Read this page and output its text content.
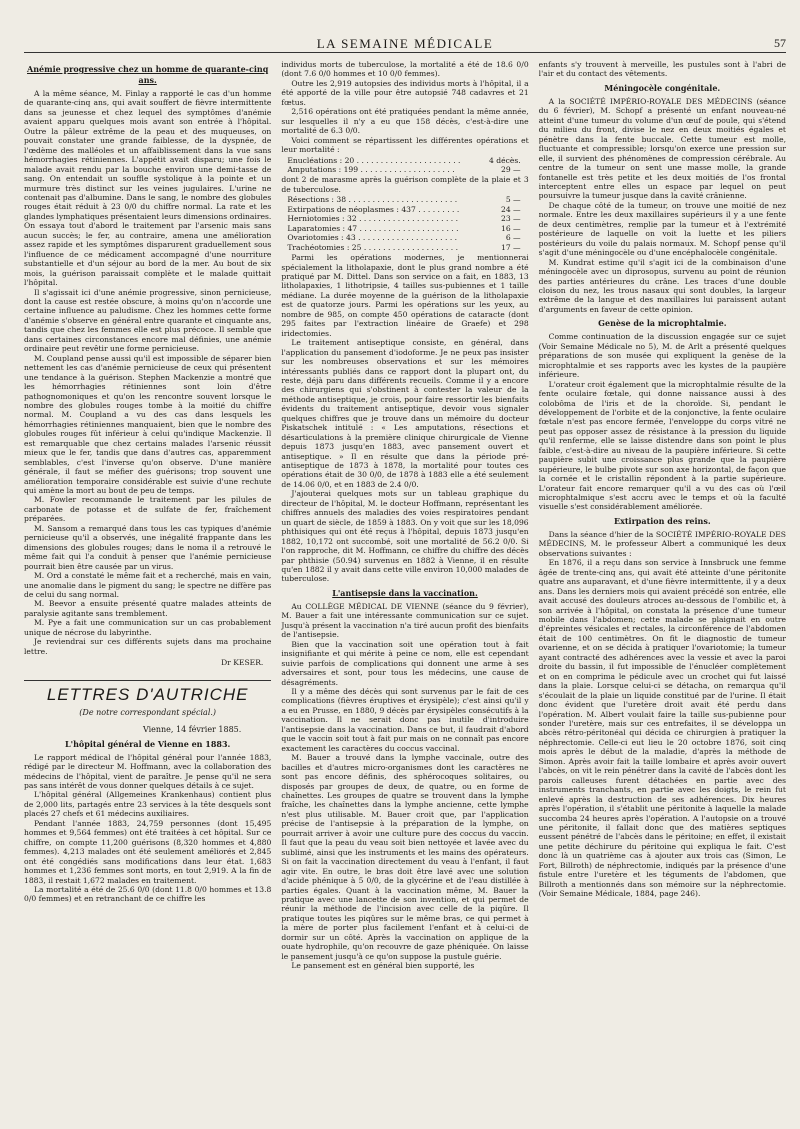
LA SEMAINE MÉDICALE	57
Anémie progressive chez un homme de quarante-cinq ans.

A la même séance, M. Finlay a rapporté le cas d'un homme de quarante-cinq ans, qui avait souffert de fièvre intermittente dans sa jeunesse et chez lequel des symptômes d'anémie avaient apparu quelques mois avant son entrée à l'hôpital. Outre la pâleur extrême de la peau et des muqueuses, on pouvait constater une grande faiblesse, de la dyspnée, de l'œdème des malléoles et un affaiblissement dans la vue sans hémorrhagies rétiniennes. L'appétit avait disparu; une fois le malade avait rendu par la bouche environ une demi-tasse de sang. On entendait un souffle systolique à la pointe et un murmure très distinct sur les veines jugulaires. L'urine ne contenait pas d'albumine. Dans le sang, le nombre des globules rouges était réduit à 23 0/0 du chiffre normal. La rate et les glandes lymphatiques présentaient leurs dimensions ordinaires. On essaya tout d'abord le traitement par l'arsenic mais sans aucun succès; le fer, au contraire, amena une amélioration assez rapide et les symptômes disparurent graduellement sous l'influence de ce médicament accompagné d'une nourriture substantielle et d'un séjour au bord de la mer. Au bout de six mois, la guérison paraissait complète et le malade quittait l'hôpital.

Il s'agissait ici d'une anémie progressive, sinon pernicieuse, dont la cause est restée obscure, à moins qu'on n'accorde une certaine influence au paludisme. Chez les hommes cette forme d'anémie s'observe en général entre quarante et cinquante ans, tandis que chez les femmes elle est plus précoce. Il semble que dans certaines circonstances encore mal définies, une anémie ordinaire peut revêtir une forme pernicieuse.

M. Coupland pense aussi qu'il est impossible de séparer bien nettement les cas d'anémie pernicieuse de ceux qui présentent une tendance à la guérison. Stephen Mackenzie a montré que les hémorrhagies rétiniennes sont loin d'être pathognomoniques et qu'on les rencontre souvent lorsque le nombre des globules rouges tombe à la moitié du chiffre normal. M. Coupland a vu des cas dans lesquels les hémorrhagies rétiniennes manquaient, bien que le nombre des globules rouges fût inférieur à celui qu'indique Mackenzie. Il est remarquable que chez certains malades l'arsenic réussit mieux que le fer, tandis que dans d'autres cas, apparemment semblables, c'est l'inverse qu'on observe. D'une manière générale, il faut se méfier des guérisons; trop souvent une amélioration temporaire considérable est suivie d'une rechute qui amène la mort au bout de peu de temps.

M. Fowler recommande le traitement par les pilules de carbonate de potasse et de sulfate de fer, fraîchement préparées.

M. Sansom a remarqué dans tous les cas typiques d'anémie pernicieuse qu'il a observés, une inégalité frappante dans les dimensions des globules rouges; dans le noma il a retrouvé le même fait qui l'a conduit à penser que l'anémie pernicieuse pourrait bien être causée par un virus.

M. Ord a constaté le même fait et a recherché, mais en vain, une anomalie dans le pigment du sang; le spectre ne diffère pas de celui du sang normal.

M. Beevor a ensuite présenté quatre malades atteints de paralysie agitante sans tremblement.

M. Pye a fait une communication sur un cas probablement unique de nécrose du labyrinthe.

Je reviendrai sur ces différents sujets dans ma prochaine lettre.

Dr KESER.
LETTRES D'AUTRICHE
(De notre correspondant spécial.)
Vienne, 14 février 1885.
L'hôpital général de Vienne en 1883.

Le rapport médical de l'hôpital général pour l'année 1883, rédigé par le directeur M. Hoffmann, avec la collaboration des médecins de l'hôpital, vient de paraître. Je pense qu'il ne sera pas sans intérêt de vous donner quelques détails à ce sujet.

L'hôpital général (Allgemeines Krankenhaus) contient plus de 2,000 lits, partagés entre 23 services à la tête desquels sont placés 27 chefs et 61 médecins auxiliaires.

Pendant l'année 1883, 24,759 personnes (dont 15,495 hommes et 9,564 femmes) ont été traitées à cet hôpital. Sur ce chiffre, on compte 11,200 guérisons (8,320 hommes et 4,880 femmes). 4,213 malades ont été seulement améliorés et 2,845 ont été congédiés sans modifications dans leur état. 1,683 hommes et 1,236 femmes sont morts, en tout 2,919. A la fin de 1883, il restait 1,672 malades en traitement.

La mortalité a été de 25.6 0/0 (dont 11.8 0/0 hommes et 13.8 0/0 femmes) et en retranchant de ce chiffre les

individus morts de tuberculose, la mortalité a été de 18.6 0/0 (dont 7.6 0/0 hommes et 10 0/0 femmes).

Outre les 2,919 autopsies des individus morts à l'hôpital, il a été apporté de la ville pour être autopsié 748 cadavres et 21 fœtus.

2,516 opérations ont été pratiquées pendant la même année, sur lesquelles il n'y a eu que 158 décès, c'est-à-dire une mortalité de 6.3 0/0.

Voici comment se répartissent les différentes opérations et leur mortalité :

Enucléations : 20 . . . . . . . . . . . . . . . . . . . . . .	4 décès.
Amputations : 199 . . . . . . . . . . . . . . . . . . . .	29 —

dont 2 de marasme après la guérison complète de la plaie et 3 de tuberculose.

Résections : 38 . . . . . . . . . . . . . . . . . . . . . . .	5 —
Extirpations de néoplasmes : 437 . . . . . . . . .	24 —
Herniotomies : 32 . . . . . . . . . . . . . . . . . . . . .	23 —
Laparatomies : 47 . . . . . . . . . . . . . . . . . . . . .	16 —
Ovariotomies : 43 . . . . . . . . . . . . . . . . . . . . .	6 —
Trachéotomies : 25 . . . . . . . . . . . . . . . . . . . .	17 —

Parmi les opérations modernes, je mentionnerai spécialement la litholapaxie, dont le plus grand nombre a été pratiqué par M. Dittel. Dans son service on a fait, en 1883, 13 litholapaxies, 1 lithotripsie, 4 tailles sus-pubiennes et 1 taille médiane. La durée moyenne de la guérison de la litholapaxie est de quatorze jours. Parmi les opérations sur les yeux, au nombre de 985, on compte 450 opérations de cataracte (dont 295 faites par l'extraction linéaire de Graefe) et 298 iridectomies.

Le traitement antiseptique consiste, en général, dans l'application du pansement d'iodoforme. Je ne peux pas insister sur les nombreuses observations et sur les mémoires intéressants publiés dans ce rapport dont la plupart ont, du reste, déjà paru dans différents recueils. Comme il y a encore des chirurgiens qui s'obstinent à contester la valeur de la méthode antiseptique, je crois, pour faire ressortir les bienfaits évidents du traitement antiseptique, devoir vous signaler quelques chiffres que je trouve dans un mémoire du docteur Piskatschek intitulé : « Les amputations, résections et désarticulations à la première clinique chirurgicale de Vienne depuis 1873 jusqu'en 1883, avec pansement ouvert et antiseptique. » Il en résulte que dans la période pré-antiseptique de 1873 à 1878, la mortalité pour toutes ces opérations était de 30 0/0, de 1878 à 1883 elle a été seulement de 14.06 0/0, et en 1883 de 2.4 0/0.

J'ajouterai quelques mots sur un tableau graphique du directeur de l'hôpital, M. le docteur Hoffmann, représentant les chiffres annuels des maladies des voies respiratoires pendant un quart de siècle, de 1859 à 1883. On y voit que sur les 18,096 phthisiques qui ont été reçus à l'hôpital, depuis 1873 jusqu'en 1882, 10,172 ont succombé, soit une mortalité de 56.2 0/0. Si l'on rapproche, dit M. Hoffmann, ce chiffre du chiffre des décès par phthisie (50.94) survenus en 1882 à Vienne, il en résulte qu'en 1882 il y avait dans cette ville environ 10,000 malades de tuberculose.

L'antisepsie dans la vaccination.

Au COLLÈGE MÉDICAL DE VIENNE (séance du 9 février), M. Bauer a fait une intéressante communication sur ce sujet. Jusqu'à présent la vaccination n'a tiré aucun profit des bienfaits de l'antisepsie.

Bien que la vaccination soit une opération tout à fait insignifiante et qui mérite à peine ce nom, elle est cependant suivie parfois de complications qui donnent une arme à ses adversaires et sont, pour tous les médecins, une cause de désagréments.

Il y a même des décès qui sont survenus par le fait de ces complications (fièvres éruptives et érysipèle); c'est ainsi qu'il y a eu en Prusse, en 1880, 9 décès par érysipèles consécutifs à la vaccination. Il ne serait donc pas inutile d'introduire l'antisepsie dans la vaccination. Dans ce but, il faudrait d'abord que le vaccin soit tout à fait pur mais on ne connaît pas encore exactement les caractères du coccus vaccinal.

M. Bauer a trouvé dans la lymphe vaccinale, outre des bacilles et d'autres micro-organismes dont les caractères ne sont pas encore définis, des sphérocoques solitaires, ou disposés par groupes de deux, de quatre, ou en forme de chaînettes. Les groupes de quatre se trouvent dans la lymphe fraîche, les chaînettes dans la lymphe ancienne, cette lymphe n'est plus utilisable. M. Bauer croit que, par l'application précise de l'antisepsie à la préparation de la lymphe, on pourrait arriver à avoir une culture pure des coccus du vaccin. Il faut que la peau du veau soit bien nettoyée et lavée avec du sublimé, ainsi que les instruments et les mains des opérateurs. Si on fait la vaccination directement du veau à l'enfant, il faut agir vite. En outre, le bras doit être lavé avec une solution d'acide phénique à 5 0/0, de la glycérine et de l'eau distillée à parties égales. Quant à la vaccination même, M. Bauer la pratique avec une lancette de son invention, et qui permet de réunir la méthode de l'incision avec celle de la piqûre. Il pratique toutes les piqûres sur le même bras, ce qui permet à la mère de porter plus facilement l'enfant et à celui-ci de dormir sur un côté. Après la vaccination on applique de la ouate hydrophile, qu'on recouvre de gaze phéniquée. On laisse le pansement jusqu'à ce qu'on suppose la pustule guérie.

Le pansement est en général bien supporté, les

enfants s'y trouvent à merveille, les pustules sont à l'abri de l'air et du contact des vêtements.

Méningocèle congénitale.

A la SOCIÉTÉ IMPÉRIO-ROYALE DES MÉDECINS (séance du 6 février), M. Schopf a présenté un enfant nouveau-né atteint d'une tumeur du volume d'un œuf de poule, qui s'étend du milieu du front, divise le nez en deux moitiés égales et pénètre dans la fente buccale. Cette tumeur est molle, fluctuante et compressible; lorsqu'on exerce une pression sur elle, il survient des phénomènes de compression cérébrale. Au centre de la tumeur on sent une masse molle, la grande fontanelle est très petite et les deux moitiés de l'os frontal interceptent entre elles un espace par lequel on peut poursuivre la tumeur jusque dans la cavité crânienne.

De chaque côté de la tumeur, on trouve une moitié de nez normale. Entre les deux maxillaires supérieurs il y a une fente de deux centimètres, remplie par la tumeur et à l'extrémité postérieure de laquelle on voit la luette et les piliers postérieurs du voile du palais normaux. M. Schopf pense qu'il s'agit d'une méningocèle ou d'une encéphalocèle congénitale.

M. Kundrat estime qu'il s'agit ici de la combinaison d'une méningocèle avec un diprosopus, survenu au point de réunion des parties antérieures du crâne. Les traces d'une double cloison du nez, les trous nasaux qui sont doubles, la largeur extrême de la langue et des maxillaires lui paraissent autant d'arguments en faveur de cette opinion.

Genèse de la microphtalmie.

Comme continuation de la discussion engagée sur ce sujet (Voir Semaine Médicale no 5), M. de Arlt a présenté quelques préparations de son musée qui expliquent la genèse de la microphtalmie et ses rapports avec les kystes de la paupière inférieure.

L'orateur croit également que la microphtalmie résulte de la fente oculaire fœtale, qui donne naissance aussi à des colobôma de l'iris et de la choroïde. Si, pendant le développement de l'orbite et de la conjonctive, la fente oculaire fœtale n'est pas encore fermée, l'enveloppe du corps vitré ne peut pas opposer assez de résistance à la pression du liquide qu'il renferme, elle se laisse distendre dans son point le plus faible, c'est-à-dire au niveau de la paupière inférieure. Si cette paupière subit une croissance plus grande que la paupière supérieure, le bulbe pivote sur son axe horizontal, de façon que la cornée et le cristallin répondent à la partie supérieure. L'orateur fait encore remarquer qu'il a vu des cas où l'œil microphtalmique s'est accru avec le temps et où la faculté visuelle s'est considérablement améliorée.

Extirpation des reins.

Dans la séance d'hier de la SOCIÉTÉ IMPÉRIO-ROYALE DES MÉDECINS, M. le professeur Albert a communiqué les deux observations suivantes :

En 1876, il a reçu dans son service à Innsbruck une femme âgée de trente-cinq ans, qui avait été atteinte d'une péritonite quatre ans auparavant, et d'une fièvre intermittente, il y a deux ans. Dans les derniers mois qui avaient précédé son entrée, elle avait accusé des douleurs atroces au-dessous de l'ombilic et, à son arrivée à l'hôpital, on constata la présence d'une tumeur mobile dans l'abdomen; cette malade se plaignait en outre d'épreintes vésicales et rectales, la circonférence de l'abdomen était de 100 centimètres. On fit le diagnostic de tumeur ovarienne, et on se décida à pratiquer l'ovariotomie; la tumeur ayant contracté des adhérences avec la vessie et avec la paroi droite du bassin, il fut impossible de l'énucléer complètement et on en comprima le pédicule avec un crochet qui fut laissé dans la plaie. Lorsque celui-ci se détacha, on remarqua qu'il s'écoulait de la plaie un liquide constitué par de l'urine. Il était donc évident que l'uretère droit avait été perdu dans l'opération. M. Albert voulait faire la taille sus-pubienne pour sonder l'uretère, mais sur ces entrefaites, il se développa un abcès rétro-péritonéal qui décida ce chirurgien à pratiquer la néphrectomie. Celle-ci eut lieu le 20 octobre 1876, soit cinq mois après le début de la maladie, d'après la méthode de Simon. Après avoir fait la taille lombaire et après avoir ouvert l'abcès, on vit le rein pénétrer dans la cavité de l'abcès dont les parois calleuses furent détachées en partie avec des instruments tranchants, en partie avec les doigts, le rein fut enlevé après la destruction de ses adhérences. Dix heures après l'opération, il s'établit une péritonite à laquelle la malade succomba 24 heures après l'opération. A l'autopsie on a trouvé une péritonite, il fallait donc que des matières septiques eussent pénétré de l'abcès dans le péritoine; en effet, il existait une petite déchirure du péritoine qui expliqua le fait. C'est donc là un quatrième cas à ajouter aux trois cas (Simon, Le Fort, Billroth) de néphrectomie, indiqués par la présence d'une fistule entre l'uretère et les téguments de l'abdomen, que Billroth a mentionnés dans son mémoire sur la néphrectomie. (Voir Semaine Médicale, 1884, page 246).
